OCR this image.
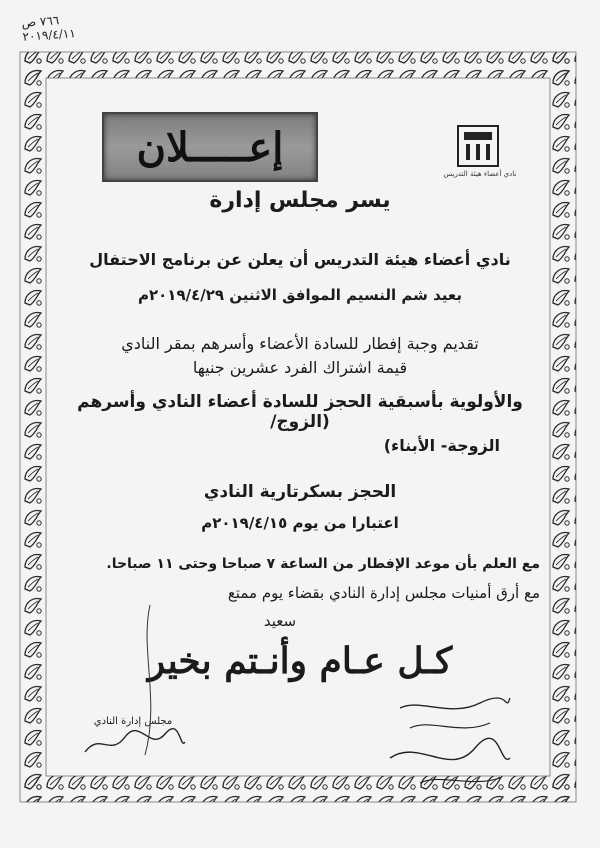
٧٦٦ ص
٢٠١٩/٤/١١
إعـــــلان
نادي أعضاء هيئة التدريس
يسر مجلس إدارة
نادي أعضاء هيئة التدريس أن يعلن عن برنامج الاحتفال
بعيد شم النسيم الموافق الاثنين ٢٠١٩/٤/٢٩م
تقديم وجبة إفطار للسادة الأعضاء وأسرهم بمقر النادي
قيمة اشتراك الفرد عشرين جنيها
والأولوية بأسبقية الحجز للسادة أعضاء النادي وأسرهم (الزوج/
الزوجة- الأبناء)
الحجز بسكرتارية النادي
اعتبارا من يوم ٢٠١٩/٤/١٥م
مع العلم بأن موعد الإفطار من الساعة ٧ صباحا وحتى ١١ صباحا.
مع أرق أمنيات مجلس إدارة النادي بقضاء يوم ممتع
سعيد
كـل عـام وأنـتم بخير
مجلس إدارة النادي
